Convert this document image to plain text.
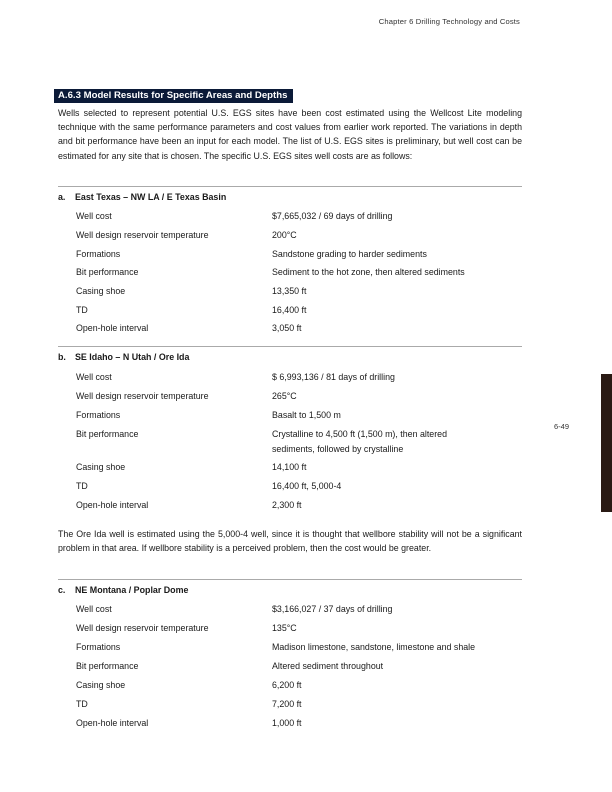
Chapter 6 Drilling Technology and Costs
6-49
A.6.3 Model Results for Specific Areas and Depths

Wells selected to represent potential U.S. EGS sites have been cost estimated using the Wellcost Lite modeling technique with the same performance parameters and cost values from earlier work reported. The variations in depth and bit performance have been an input for each model. The list of U.S. EGS sites is preliminary, but well cost can be estimated for any site that is chosen. The specific U.S. EGS sites well costs are as follows:

a. East Texas – NW LA / E Texas Basin
Well cost	$7,665,032 / 69 days of drilling
Well design reservoir temperature	200°C
Formations	Sandstone grading to harder sediments
Bit performance	Sediment to the hot zone, then altered sediments
Casing shoe	13,350 ft
TD	16,400 ft
Open-hole interval	3,050 ft
b. SE Idaho – N Utah / Ore Ida
Well cost	$ 6,993,136 / 81 days of drilling
Well design reservoir temperature	265°C
Formations	Basalt to 1,500 m
Bit performance	Crystalline to 4,500 ft (1,500 m), then altered sediments, followed by crystalline
Casing shoe	14,100 ft
TD	16,400 ft, 5,000-4
Open-hole interval	2,300 ft

The Ore Ida well is estimated using the 5,000-4 well, since it is thought that wellbore stability will not be a significant problem in that area. If wellbore stability is a perceived problem, then the cost would be greater.

c. NE Montana / Poplar Dome
Well cost	$3,166,027 / 37 days of drilling
Well design reservoir temperature	135°C
Formations	Madison limestone, sandstone, limestone and shale
Bit performance	Altered sediment throughout
Casing shoe	6,200 ft
TD	7,200 ft
Open-hole interval	1,000 ft
